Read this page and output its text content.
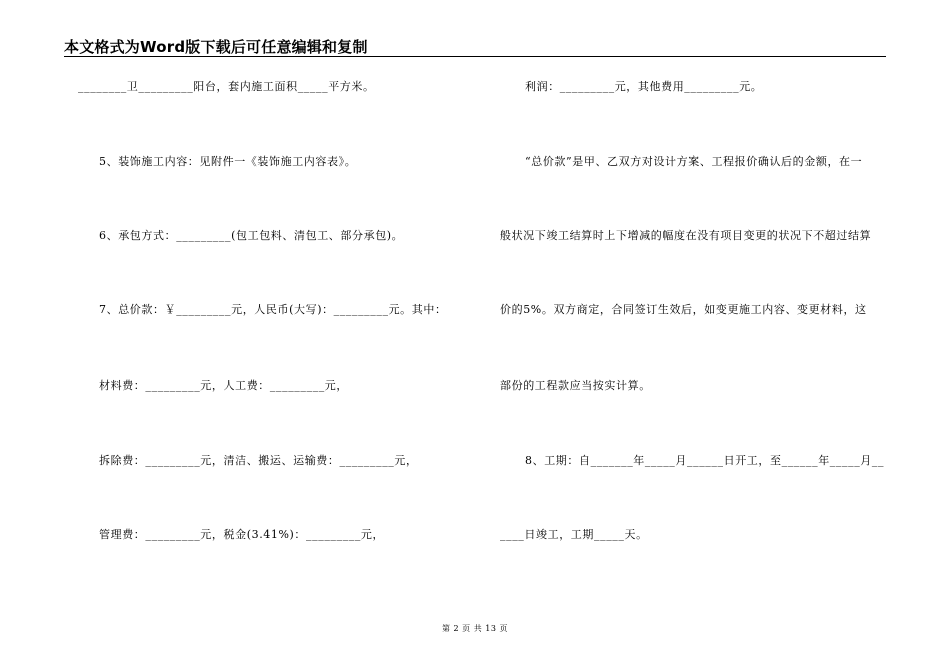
本文格式为Word版下载后可任意编辑和复制
________卫_________阳台，套内施工面积_____平方米。
5、装饰施工内容：见附件一《装饰施工内容表》。
6、承包方式：_________(包工包料、清包工、部分承包)。
7、总价款：￥_________元，人民币(大写)：_________元。其中：
材料费：_________元，人工费：_________元，
拆除费：_________元，清洁、搬运、运输费：_________元，
管理费：_________元，税金(3.41%)：_________元，
利润：_________元，其他费用_________元。
“总价款”是甲、乙双方对设计方案、工程报价确认后的金额，在一
般状况下竣工结算时上下增减的幅度在没有项目变更的状况下不超过结算
价的5%。双方商定，合同签订生效后，如变更施工内容、变更材料，这
部份的工程款应当按实计算。
8、工期：自_______年_____月______日开工，至______年_____月__
____日竣工，工期_____天。
第 2 页 共 13 页
